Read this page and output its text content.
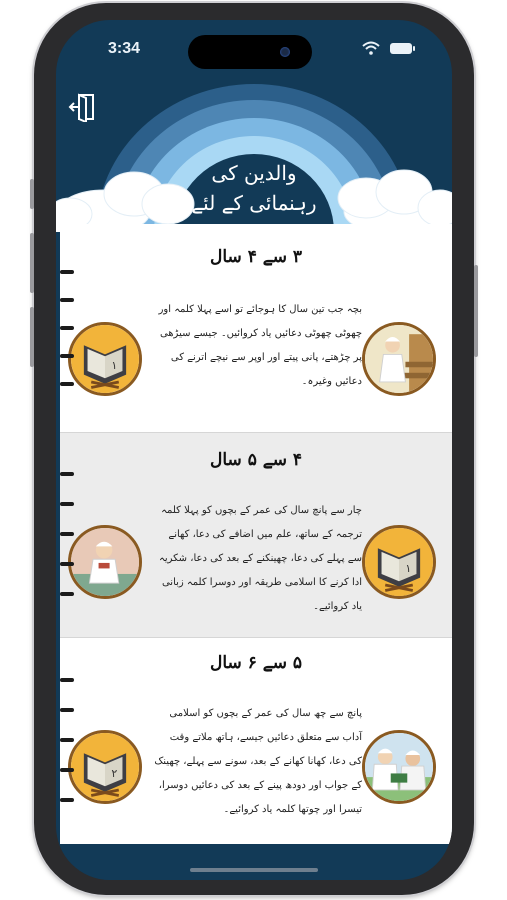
3:34
والدین کی
رہنمائی کے لئے
۳ سے ۴ سال
بچہ جب تین سال کا ہوجائے تو اسے پہلا کلمہ اور چھوٹی چھوٹی دعائیں یاد کروائیں۔ جیسے سیڑھی پر چڑھتے، پانی پیتے اور اوپر سے نیچے اترنے کی دعائیں وغیرہ۔
١
۴ سے ۵ سال
چار سے پانچ سال کی عمر کے بچوں کو پہلا کلمہ ترجمہ کے ساتھ، علم میں اضافے کی دعا، کھانے سے پہلے کی دعا، چھینکنے کے بعد کی دعا، شکریہ ادا کرنے کا اسلامی طریقہ اور دوسرا کلمہ زبانی یاد کروائیے۔
١
۵ سے ۶ سال
پانچ سے چھ سال کی عمر کے بچوں کو اسلامی آداب سے متعلق دعائیں جیسے، ہاتھ ملاتے وقت کی دعا، کھانا کھانے کے بعد، سونے سے پہلے، چھینک کے جواب اور دودھ پینے کے بعد کی دعائیں دوسرا، تیسرا اور چوتھا کلمہ یاد کروائیے۔
٢
